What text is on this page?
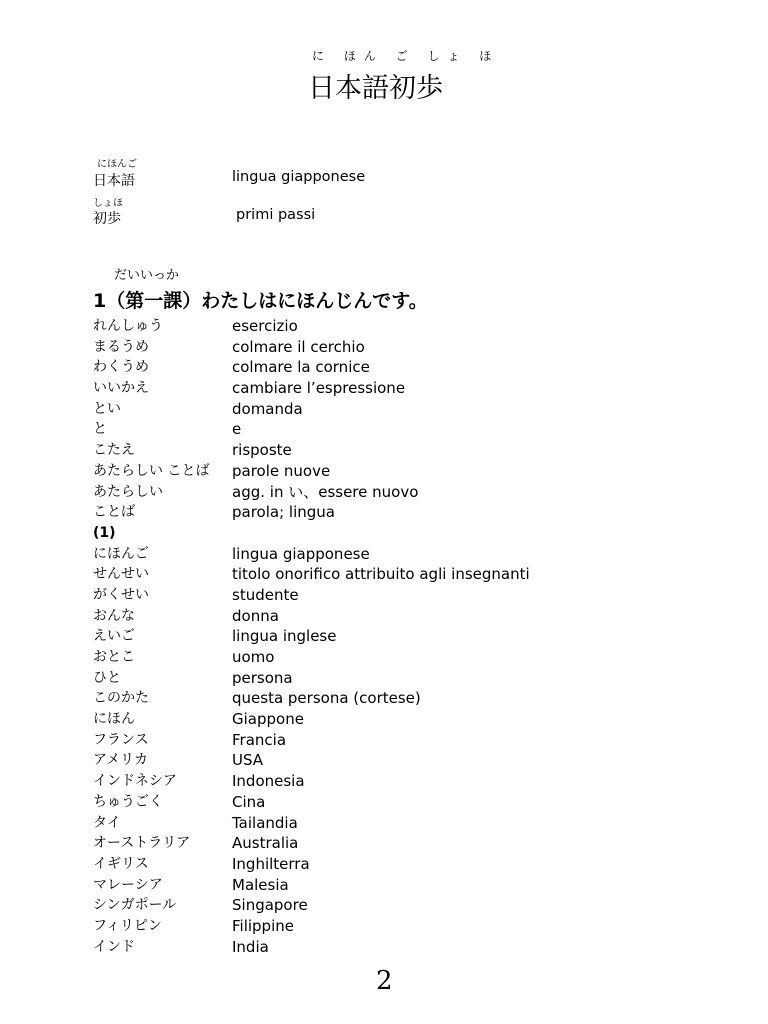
に ほん ご しょ ほ
日本語初歩
にほんご
日本語	lingua giapponese
しょほ
初歩	primi passi
だいいっか
1（第一課）わたしはにほんじんです。
れんしゅう	esercizio
まるうめ	colmare il cerchio
わくうめ	colmare la cornice
いいかえ	cambiare l’espressione
とい	domanda
と	e
こたえ	risposte
あたらしい ことば parole nuove
あたらしい	agg. in い、essere nuovo
ことば	parola; lingua
(1)
にほんご	lingua giapponese
せんせい	titolo onorifico attribuito agli insegnanti
がくせい	studente
おんな	donna
えいご	lingua inglese
おとこ	uomo
ひと	persona
このかた	questa persona (cortese)
にほん	Giappone
フランス	Francia
アメリカ	USA
インドネシア	Indonesia
ちゅうごく	Cina
タイ	Tailandia
オーストラリア	Australia
イギリス	Inghilterra
マレーシア	Malesia
シンガポール	Singapore
フィリピン	Filippine
インド	India
2
